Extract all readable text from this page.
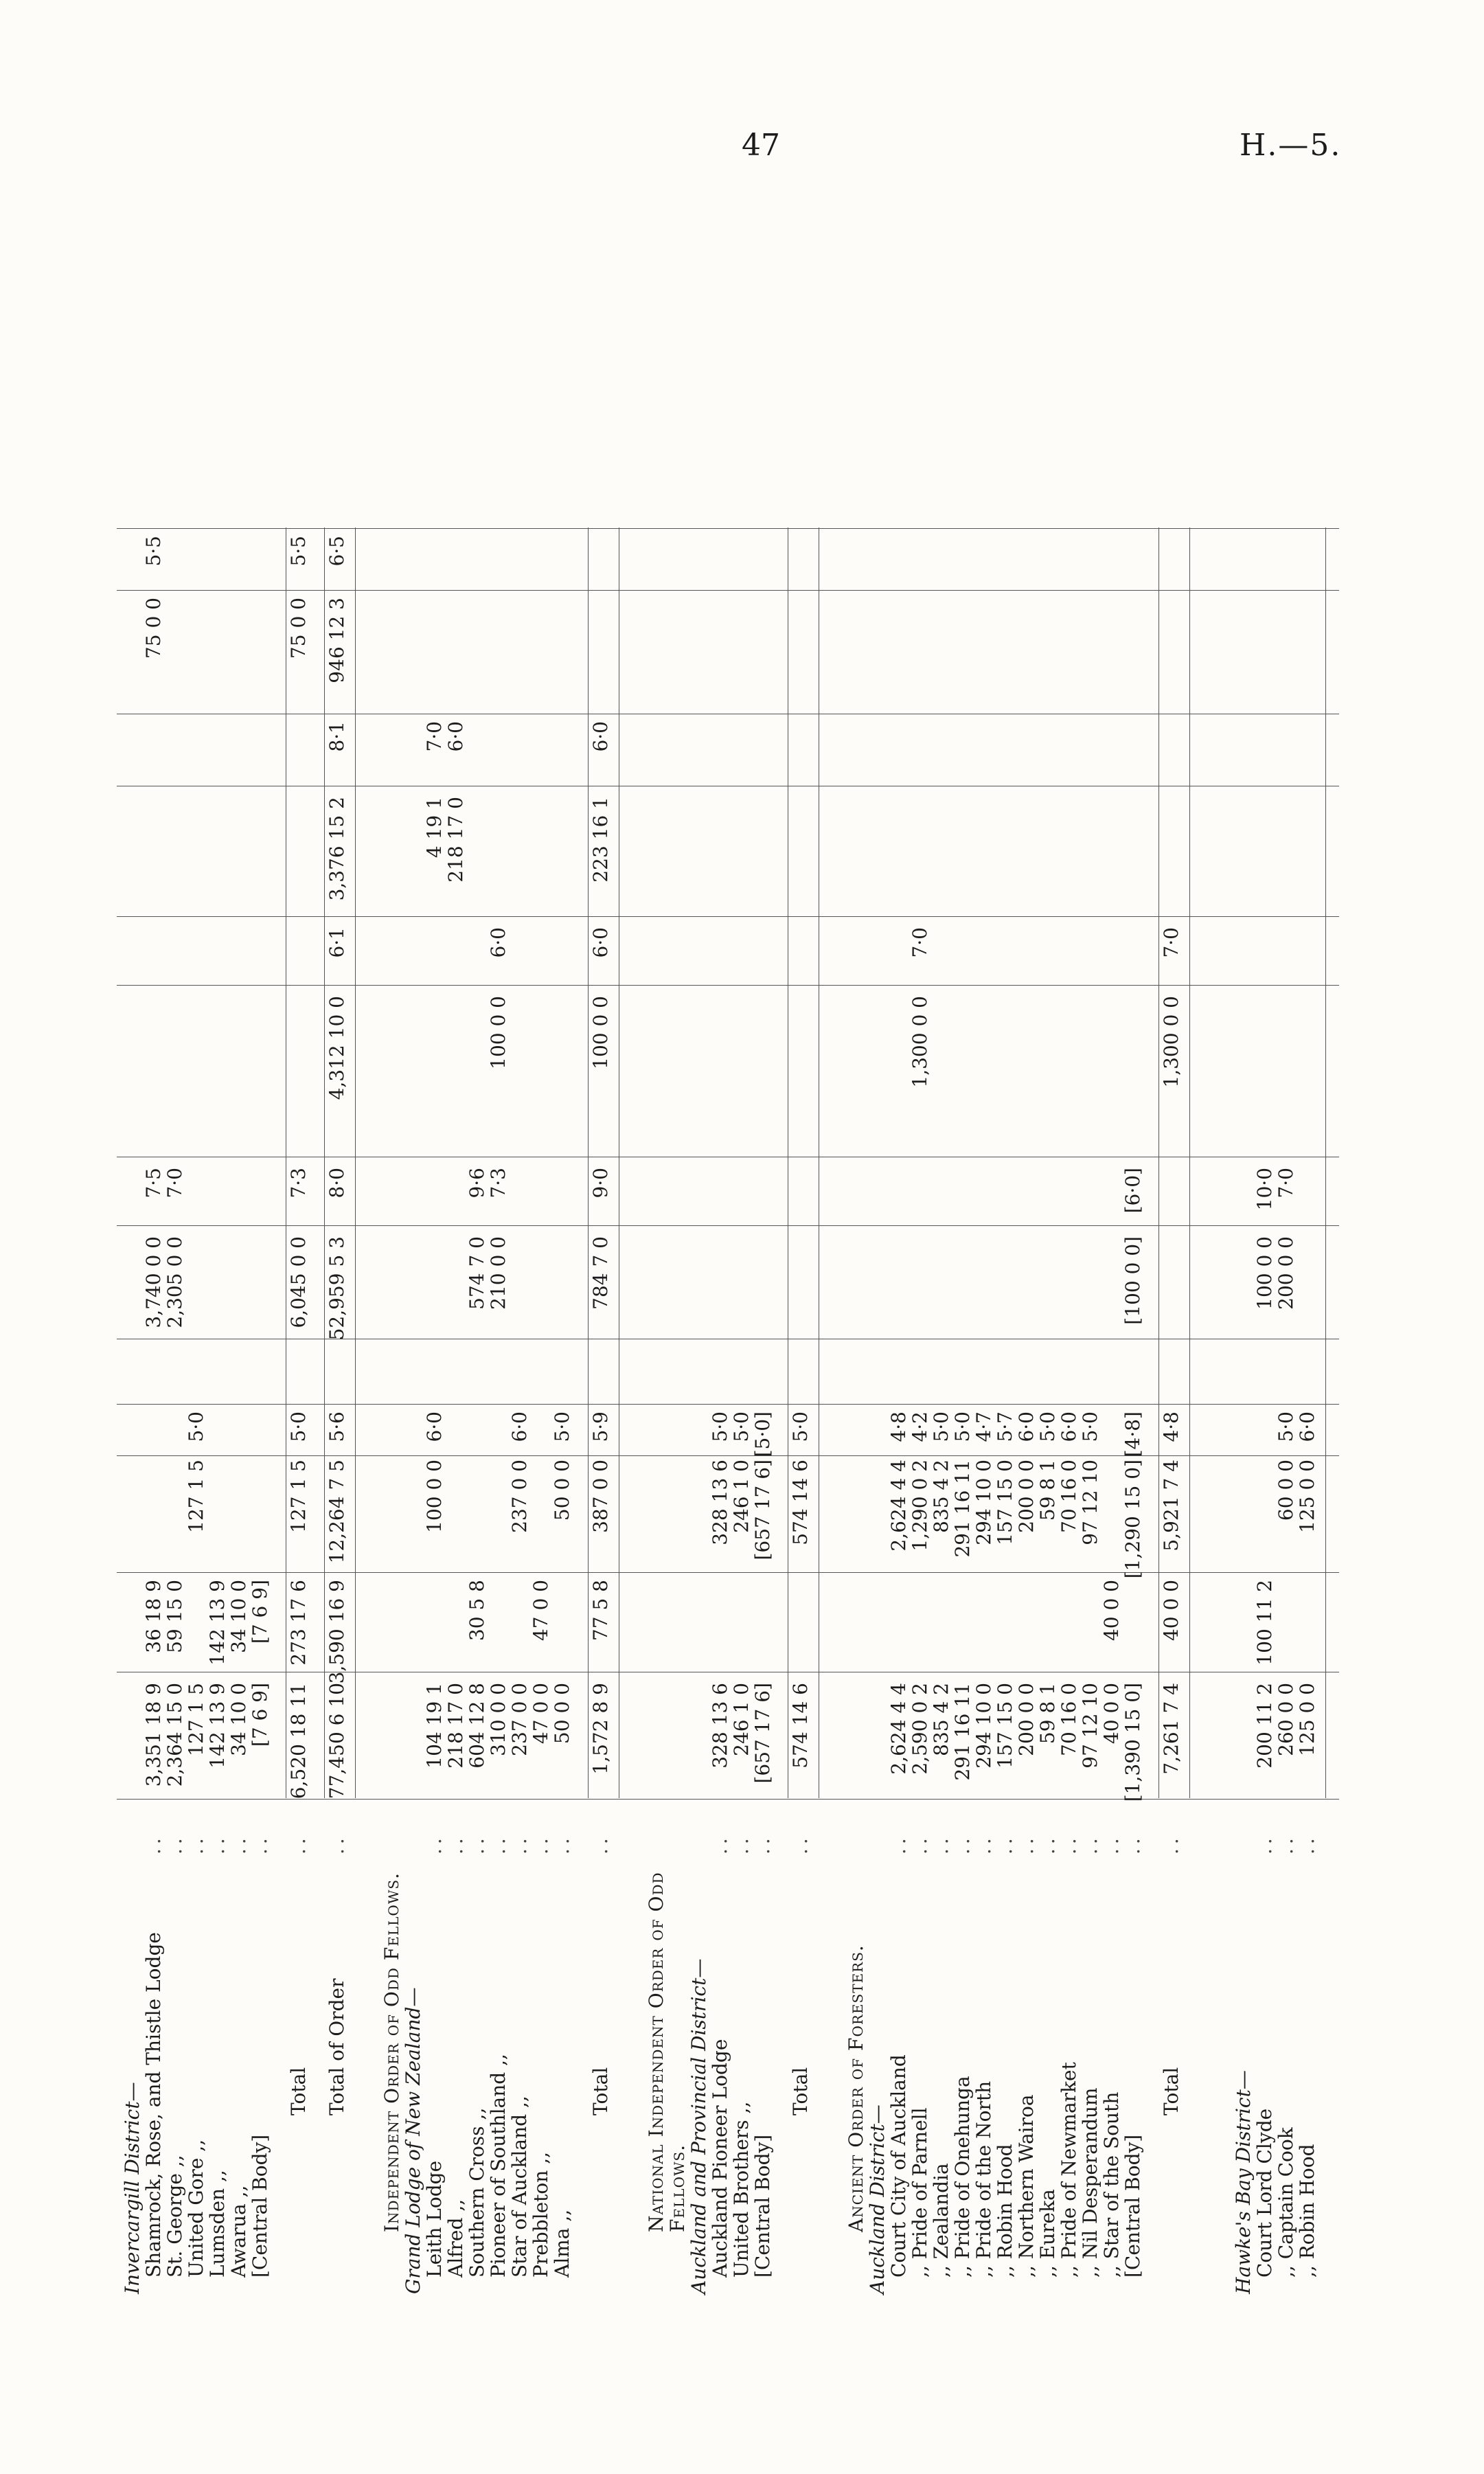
47	H.—5.
Invercargill District—
Shamrock, Rose, and Thistle Lodge
..
3,351 18 9
36 18 9
3,740 0 0
7·5
75 0 0
5·5
St. George ,,
..
2,364 15 0
59 15 0
2,305 0 0
7·0
United Gore ,,
..
127 1 5
127 1 5
5·0
Lumsden ,,
..
142 13 9
142 13 9
Awarua ,,
..
34 10 0
34 10 0
[Central Body]
..
[7 6 9]
[7 6 9]
Total
..
6,520 18 11
273 17 6
127 1 5
5·0
6,045 0 0
7·3
75 0 0
5·5
Total of Order
..
77,450 6 10
3,590 16 9
12,264 7 5
5·6
52,959 5 3
8·0
4,312 10 0
6·1
3,376 15 2
8·1
946 12 3
6·5
Independent Order of Odd Fellows.
Grand Lodge of New Zealand—
Leith Lodge
..
104 19 1
100 0 0
6·0
4 19 1
7·0
Alfred ,,
..
218 17 0
218 17 0
6·0
Southern Cross ,,
..
604 12 8
30 5 8
574 7 0
9·6
Pioneer of Southland ,,
..
310 0 0
210 0 0
7·3
100 0 0
6·0
Star of Auckland ,,
..
237 0 0
237 0 0
6·0
Prebbleton ,,
..
47 0 0
47 0 0
Alma ,,
..
50 0 0
50 0 0
5·0
Total
..
1,572 8 9
77 5 8
387 0 0
5·9
784 7 0
9·0
100 0 0
6·0
223 16 1
6·0
National Independent Order of Odd
Fellows.
Auckland and Provincial District—
Auckland Pioneer Lodge
..
328 13 6
328 13 6
5·0
United Brothers ,,
..
246 1 0
246 1 0
5·0
[Central Body]
..
[657 17 6]
[657 17 6]
[5·0]
Total
..
574 14 6
574 14 6
5·0
Ancient Order of Foresters.
Auckland District—
Court City of Auckland
..
2,624 4 4
2,624 4 4
4·8
,, Pride of Parnell
..
2,590 0 2
1,290 0 2
4·2
1,300 0 0
7·0
,, Zealandia
..
835 4 2
835 4 2
5·0
,, Pride of Onehunga
..
291 16 11
291 16 11
5·0
,, Pride of the North
..
294 10 0
294 10 0
4·7
,, Robin Hood
..
157 15 0
157 15 0
5·7
,, Northern Wairoa
..
200 0 0
200 0 0
6·0
,, Eureka
..
59 8 1
59 8 1
5·0
,, Pride of Newmarket
..
70 16 0
70 16 0
6·0
,, Nil Desperandum
..
97 12 10
97 12 10
5·0
,, Star of the South
..
40 0 0
40 0 0
[Central Body]
..
[1,390 15 0]
[1,290 15 0]
[4·8]
[100 0 0]
[6·0]
Total
..
7,261 7 4
40 0 0
5,921 7 4
4·8
1,300 0 0
7·0
Hawke's Bay District—
Court Lord Clyde
..
200 11 2
100 11 2
100 0 0
10·0
,, Captain Cook
..
260 0 0
60 0 0
5·0
200 0 0
7·0
,, Robin Hood
..
125 0 0
125 0 0
6·0
